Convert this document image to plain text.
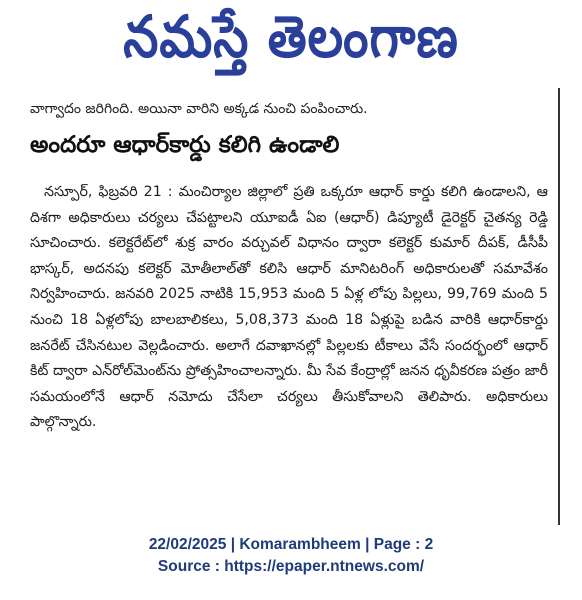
నమస్తే తెలంగాణ
వాగ్వాదం జరిగింది. అయినా వారిని అక్కడ నుంచి పంపించారు.
అందరూ ఆధార్‌కార్డు కలిగి ఉండాలి
నస్పూర్, ఫిబ్రవరి 21 : మంచిర్యాల జిల్లాలో ప్రతి ఒక్కరూ ఆధార్ కార్డు కలిగి ఉండాలని, ఆ దిశగా అధికారులు చర్యలు చేపట్టాలని యూఐడీ ఏఐ (ఆధార్) డిప్యూటీ డైరెక్టర్ చైతన్య రెడ్డి సూచించారు. కలెక్టరేట్‌లో శుక్ర వారం వర్చువల్ విధానం ద్వారా కలెక్టర్ కుమార్ దీపక్, డీసీపీ భాస్కర్, అదనపు కలెక్టర్ మోతీలాల్‌తో కలిసి ఆధార్ మానిటరింగ్ అధికారులతో సమావేశం నిర్వహించారు. జనవరి 2025 నాటికి 15,953 మంది 5 ఏళ్ల లోపు పిల్లలు, 99,769 మంది 5 నుంచి 18 ఏళ్లలోపు బాలబాలికలు, 5,08,373 మంది 18 ఏళ్లుపై బడిన వారికి ఆధార్‌కార్డు జనరేట్ చేసినటుల వెల్లడించారు. అలాగే దవాఖానల్లో పిల్లలకు టీకాలు వేసే సందర్భంలో ఆధార్ కిట్ ద్వారా ఎన్‌రోల్‌మెంట్‌ను ప్రోత్సహించాలన్నారు. మీ సేవ కేంద్రాల్లో జనన ధృవీకరణ పత్రం జారీ సమయంలోనే ఆధార్ నమోదు చేసేలా చర్యలు తీసుకోవాలని తెలిపారు. అధికారులు పాల్గొన్నారు.
22/02/2025 | Komarambheem | Page : 2
Source : https://epaper.ntnews.com/
